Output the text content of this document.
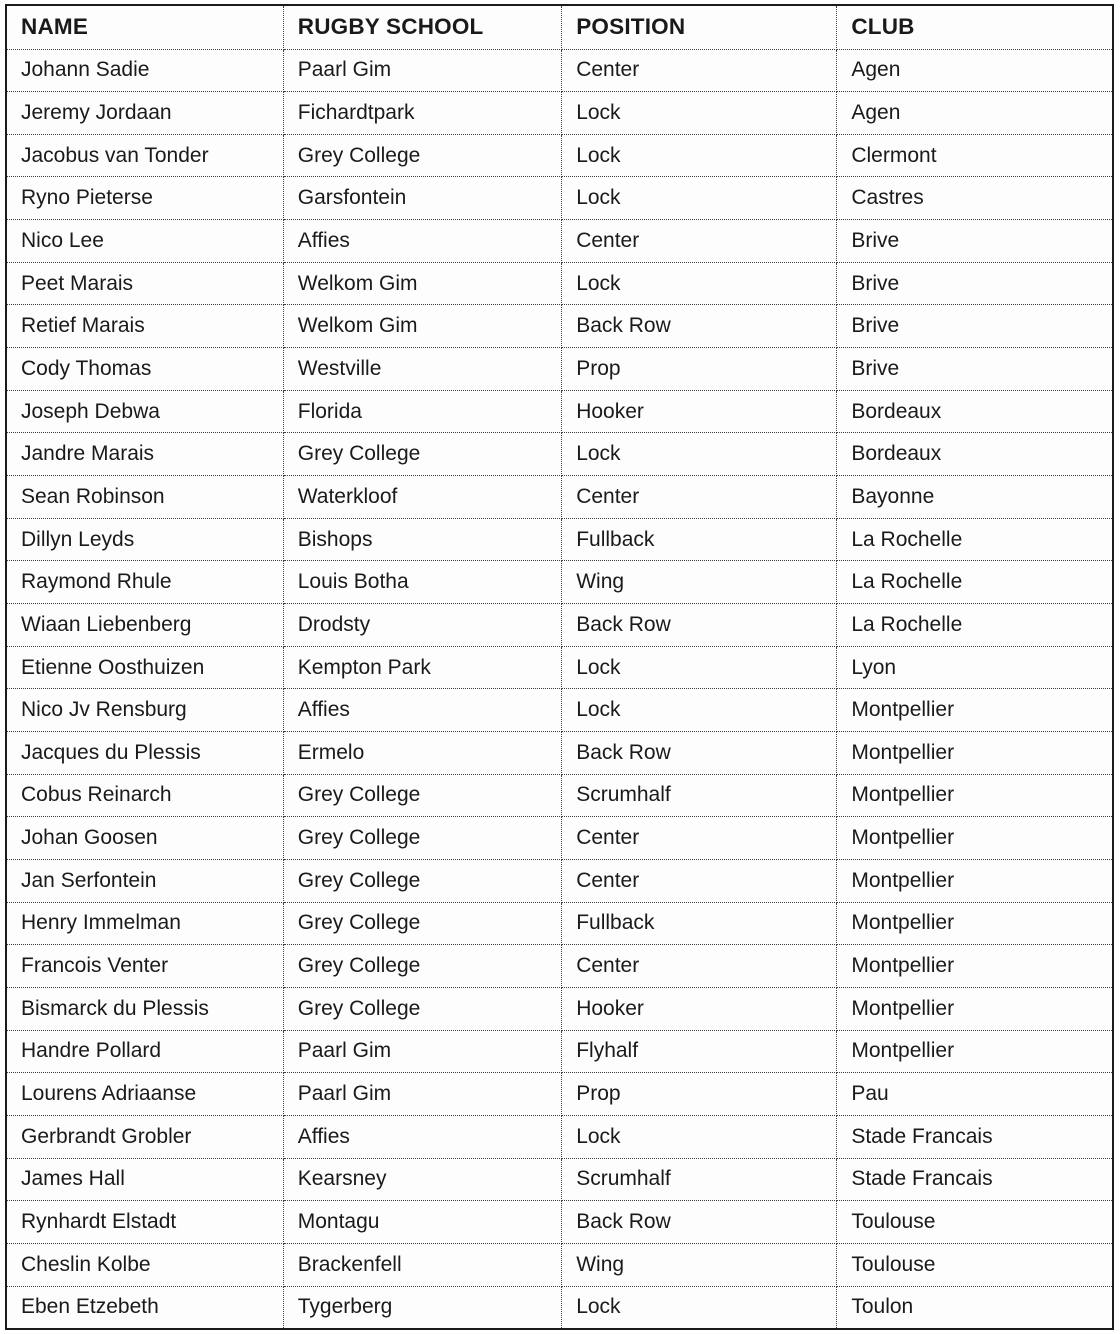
NAME	RUGBY SCHOOL	POSITION	CLUB
Johann Sadie	Paarl Gim	Center	Agen
Jeremy Jordaan	Fichardtpark	Lock	Agen
Jacobus van Tonder	Grey College	Lock	Clermont
Ryno Pieterse	Garsfontein	Lock	Castres
Nico Lee	Affies	Center	Brive
Peet Marais	Welkom Gim	Lock	Brive
Retief Marais	Welkom Gim	Back Row	Brive
Cody Thomas	Westville	Prop	Brive
Joseph Debwa	Florida	Hooker	Bordeaux
Jandre Marais	Grey College	Lock	Bordeaux
Sean Robinson	Waterkloof	Center	Bayonne
Dillyn Leyds	Bishops	Fullback	La Rochelle
Raymond Rhule	Louis Botha	Wing	La Rochelle
Wiaan Liebenberg	Drodsty	Back Row	La Rochelle
Etienne Oosthuizen	Kempton Park	Lock	Lyon
Nico Jv Rensburg	Affies	Lock	Montpellier
Jacques du Plessis	Ermelo	Back Row	Montpellier
Cobus Reinarch	Grey College	Scrumhalf	Montpellier
Johan Goosen	Grey College	Center	Montpellier
Jan Serfontein	Grey College	Center	Montpellier
Henry Immelman	Grey College	Fullback	Montpellier
Francois Venter	Grey College	Center	Montpellier
Bismarck du Plessis	Grey College	Hooker	Montpellier
Handre Pollard	Paarl Gim	Flyhalf	Montpellier
Lourens Adriaanse	Paarl Gim	Prop	Pau
Gerbrandt Grobler	Affies	Lock	Stade Francais
James Hall	Kearsney	Scrumhalf	Stade Francais
Rynhardt Elstadt	Montagu	Back Row	Toulouse
Cheslin Kolbe	Brackenfell	Wing	Toulouse
Eben Etzebeth	Tygerberg	Lock	Toulon
